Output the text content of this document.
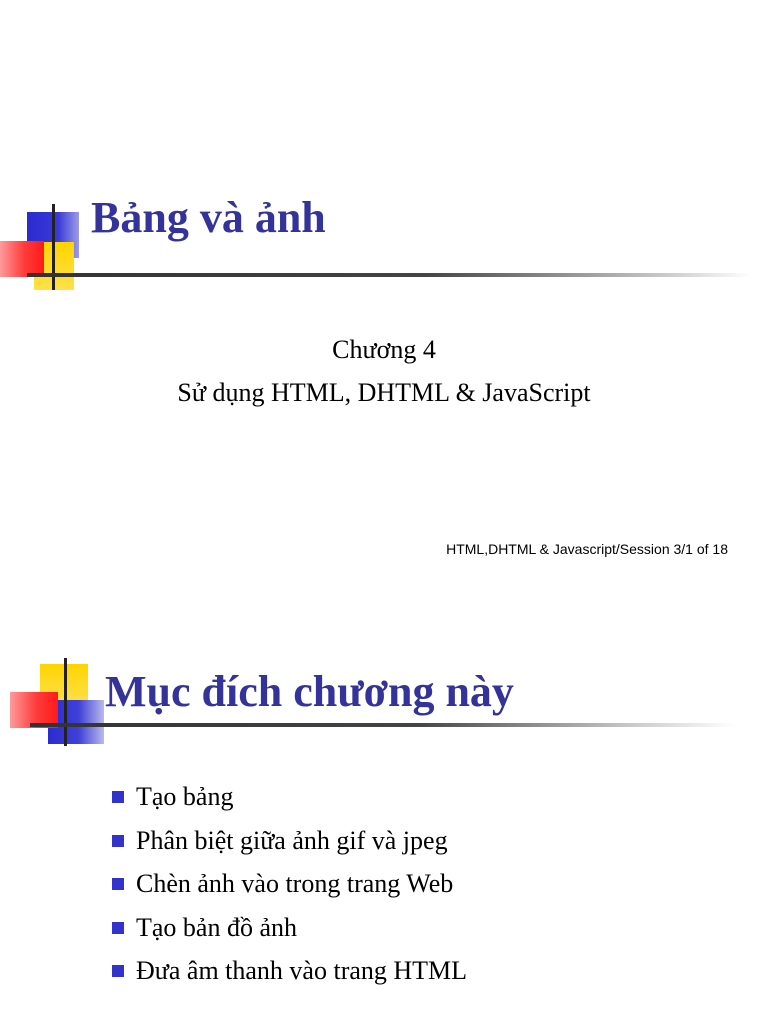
Bảng và ảnh
Chương 4
Sử dụng HTML, DHTML & JavaScript
HTML,DHTML & Javascript/Session 3/1 of 18
Mục đích chương này
Tạo bảng
Phân biệt giữa ảnh gif và jpeg
Chèn ảnh vào trong trang Web
Tạo bản đồ ảnh
Đưa âm thanh vào trang HTML
